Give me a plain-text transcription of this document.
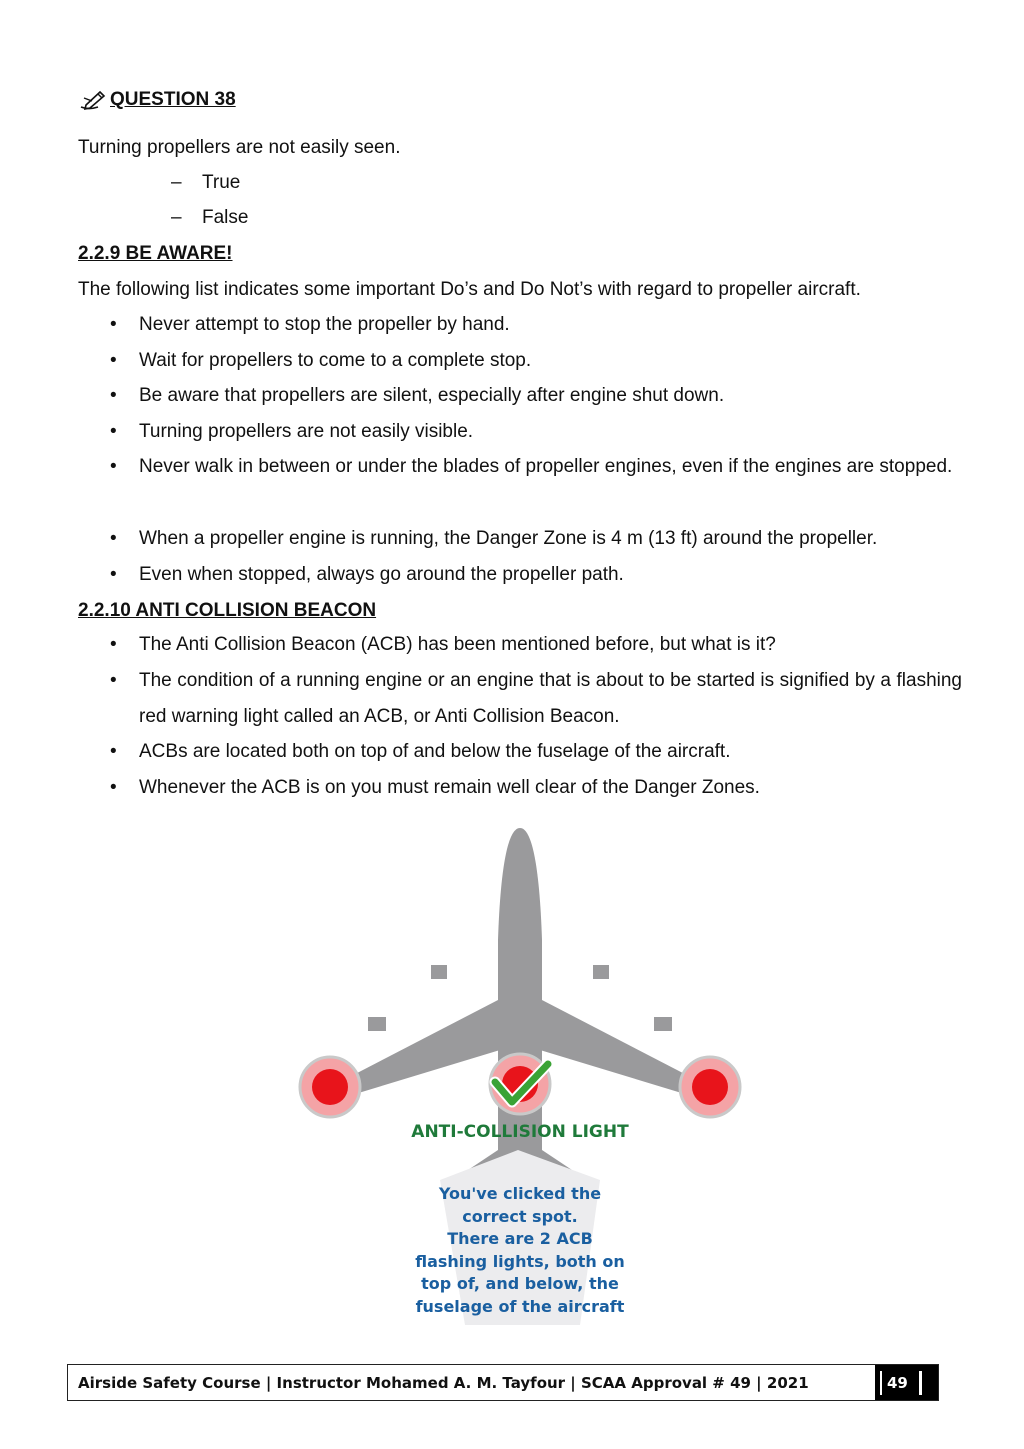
QUESTION 38
Turning propellers are not easily seen.
– True
– False
2.2.9 BE AWARE!
The following list indicates some important Do’s and Do Not’s with regard to propeller aircraft.
• Never attempt to stop the propeller by hand.
• Wait for propellers to come to a complete stop.
• Be aware that propellers are silent, especially after engine shut down.
• Turning propellers are not easily visible.
• Never walk in between or under the blades of propeller engines, even if the engines are stopped.
• When a propeller engine is running, the Danger Zone is 4 m (13 ft) around the propeller.
• Even when stopped, always go around the propeller path.
2.2.10 ANTI COLLISION BEACON
• The Anti Collision Beacon (ACB) has been mentioned before, but what is it?
• The condition of a running engine or an engine that is about to be started is signified by a flashing red warning light called an ACB, or Anti Collision Beacon.
• ACBs are located both on top of and below the fuselage of the aircraft.
• Whenever the ACB is on you must remain well clear of the Danger Zones.
ANTI-COLLISION LIGHT
You've clicked the
correct spot.
There are 2 ACB
flashing lights, both on
top of, and below, the
fuselage of the aircraft
Airside Safety Course | Instructor Mohamed A. M. Tayfour | SCAA Approval # 49 | 2021	49
